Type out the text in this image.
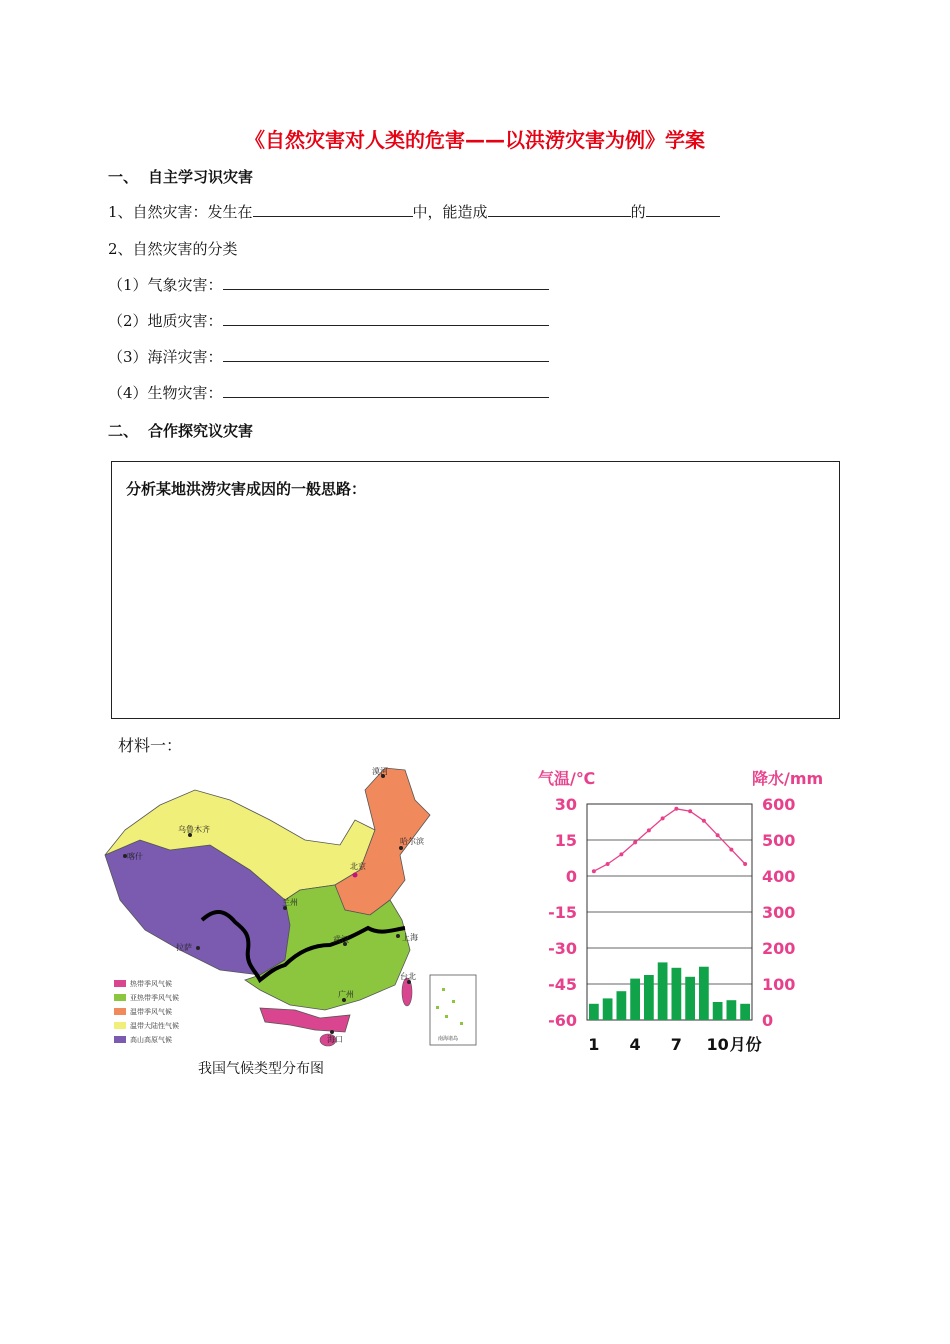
《自然灾害对人类的危害——以洪涝灾害为例》学案
一、 自主学习识灾害
1、自然灾害：发生在	中，能造成	的
2、自然灾害的分类
（1）气象灾害：
（2）地质灾害：
（3）海洋灾害：
（4）生物灾害：
二、 合作探究议灾害
分析某地洪涝灾害成因的一般思路：
材料一：
漠河
哈尔滨
乌鲁木齐
喀什
北京
兰州
拉萨
武汉	上海
台北
广州
海口	南海诸岛
热带季风气候
亚热带季风气候
温带季风气候
温带大陆性气候
高山高原气候
我国气候类型分布图
气温/℃	降水/mm
30
15
0
-15
-30
-45
-60
600
500
400
300
200
100
0
1 4 7 10 月份
